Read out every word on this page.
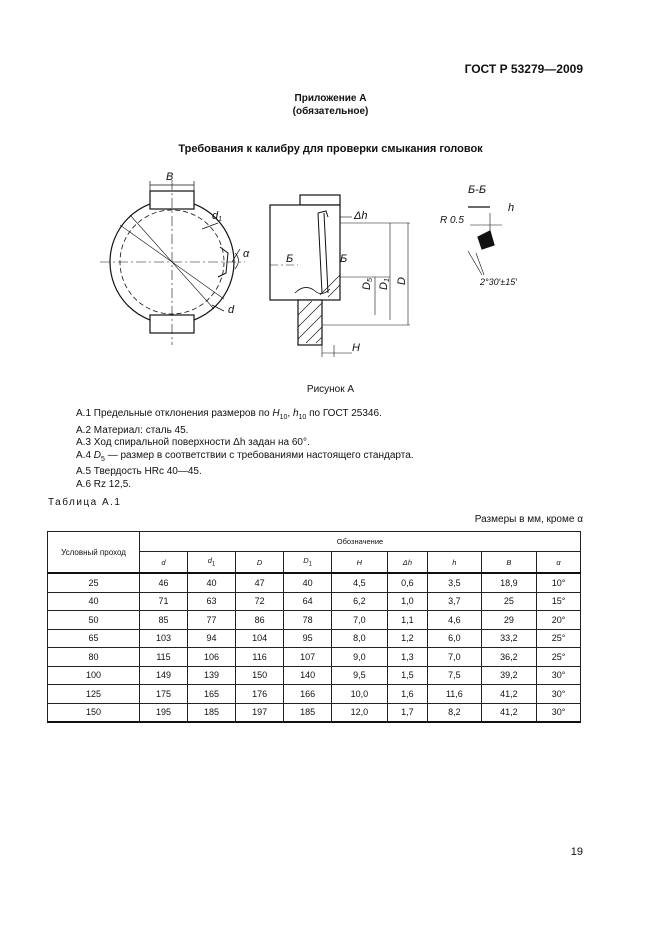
ГОСТ Р 53279—2009
Приложение А
(обязательное)
Требования к калибру для проверки смыкания головок
B
d1
α
d
Δh
Б	Б
D5
D1 D
H
Б-Б
h
R 0.5
2°30′±15′
Рисунок А
А.1 Предельные отклонения размеров по $H_{10}$, $h_{10}$ по ГОСТ 25346.
А.2 Материал: сталь 45.
А.3 Ход спиральной поверхности Δh задан на 60°.
А.4 $D_5$ — размер в соответствии с требованиями настоящего стандарта.
А.5 Твердость HRc 40—45.
А.6 Rz 12,5.
Таблица А.1
Размеры в мм, кроме α
Условный проход	Обозначение								
	d	$d_1$	D	$D_1$	H	Δh	h	B	α
25	46	40	47	40	4,5	0,6	3,5	18,9	10°
40	71	63	72	64	6,2	1,0	3,7	25	15°
50	85	77	86	78	7,0	1,1	4,6	29	20°
65	103	94	104	95	8,0	1,2	6,0	33,2	25°
80	115	106	116	107	9,0	1,3	7,0	36,2	25°
100	149	139	150	140	9,5	1,5	7,5	39,2	30°
125	175	165	176	166	10,0	1,6	11,6	41,2	30°
150	195	185	197	185	12,0	1,7	8,2	41,2	30°
19
